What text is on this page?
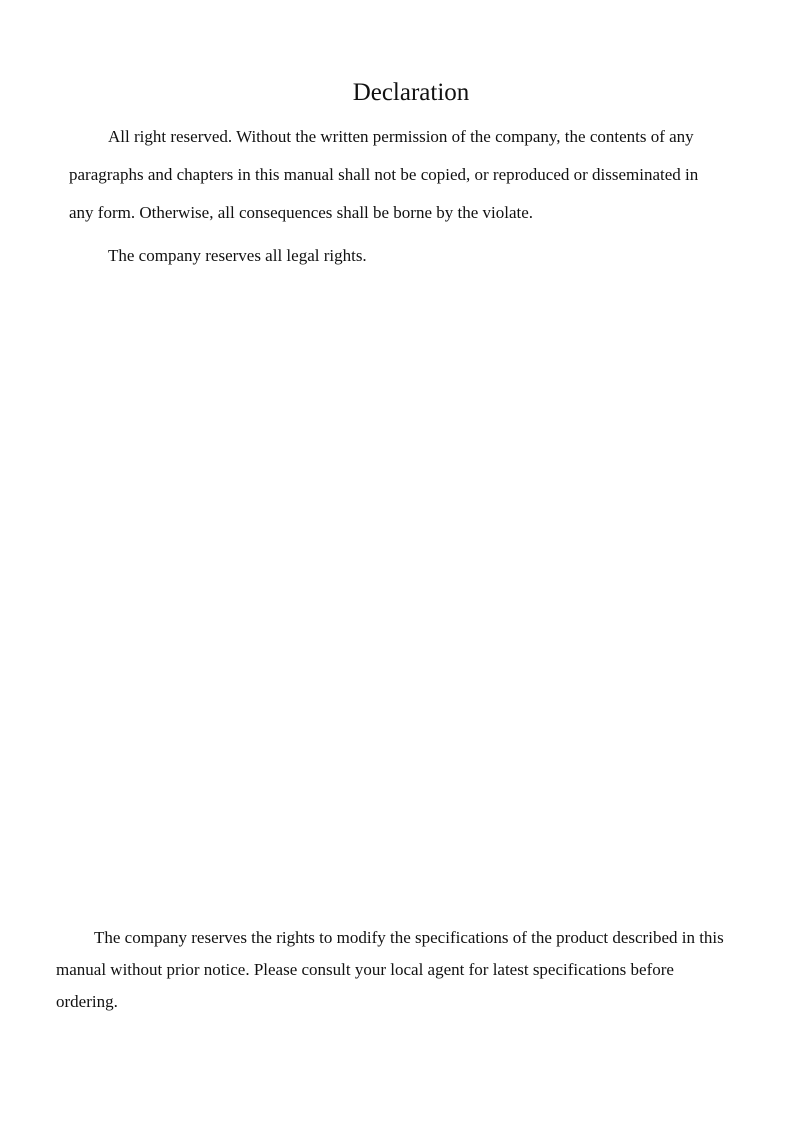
Declaration

All right reserved. Without the written permission of the company, the contents of any paragraphs and chapters in this manual shall not be copied, or reproduced or disseminated in any form. Otherwise, all consequences shall be borne by the violate.

The company reserves all legal rights.

The company reserves the rights to modify the specifications of the product described in this manual without prior notice. Please consult your local agent for latest specifications before ordering.
